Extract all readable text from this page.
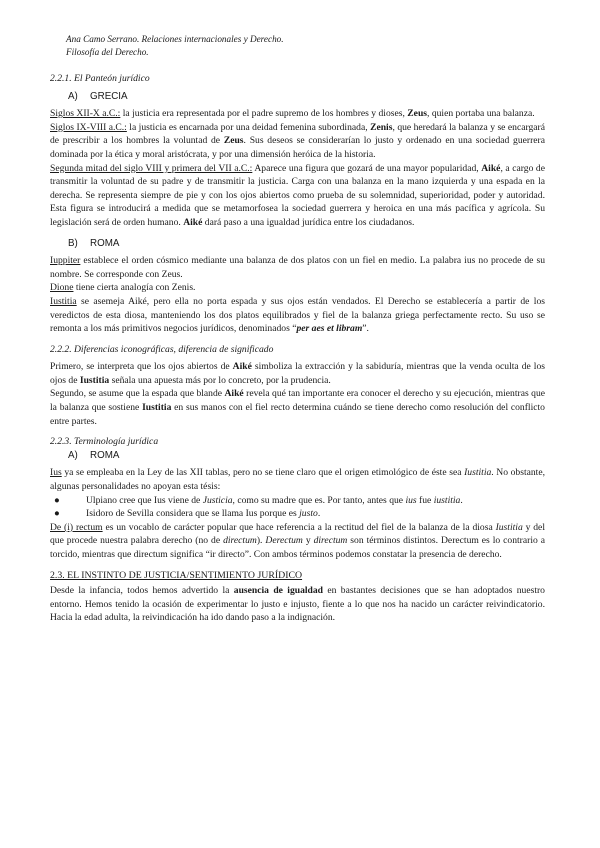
Ana Camo Serrano. Relaciones internacionales y Derecho.
Filosofía del Derecho.
2.2.1. El Panteón jurídico
A) GRECIA

Siglos XII-X a.C.: la justicia era representada por el padre supremo de los hombres y dioses, Zeus, quien portaba una balanza.

Siglos IX-VIII a.C.: la justicia es encarnada por una deidad femenina subordinada, Zenis, que heredará la balanza y se encargará de prescribir a los hombres la voluntad de Zeus. Sus deseos se considerarían lo justo y ordenado en una sociedad guerrera dominada por la ética y moral aristócrata, y por una dimensión heróica de la historia.

Segunda mitad del siglo VIII y primera del VII a.C.: Aparece una figura que gozará de una mayor popularidad, Aiké, a cargo de transmitir la voluntad de su padre y de transmitir la justicia. Carga con una balanza en la mano izquierda y una espada en la derecha. Se representa siempre de pie y con los ojos abiertos como prueba de su solemnidad, superioridad, poder y autoridad. Esta figura se introducirá a medida que se metamorfosea la sociedad guerrera y heroica en una más pacífica y agrícola. Su legislación será de orden humano. Aiké dará paso a una igualdad jurídica entre los ciudadanos.

B) ROMA

Iuppiter establece el orden cósmico mediante una balanza de dos platos con un fiel en medio. La palabra ius no procede de su nombre. Se corresponde con Zeus.

Dione tiene cierta analogía con Zenis.

Iustitia se asemeja Aiké, pero ella no porta espada y sus ojos están vendados. El Derecho se establecería a partir de los veredictos de esta diosa, manteniendo los dos platos equilibrados y fiel de la balanza griega perfectamente recto. Su uso se remonta a los más primitivos negocios jurídicos, denominados “per aes et libram”.

2.2.2. Diferencias iconográficas, diferencia de significado

Primero, se interpreta que los ojos abiertos de Aiké simboliza la extracción y la sabiduría, mientras que la venda oculta de los ojos de Iustitia señala una apuesta más por lo concreto, por la prudencia.

Segundo, se asume que la espada que blande Aiké revela qué tan importante era conocer el derecho y su ejecución, mientras que la balanza que sostiene Iustitia en sus manos con el fiel recto determina cuándo se tiene derecho como resolución del conflicto entre partes.

2.2.3. Terminología jurídica
A) ROMA

Ius ya se empleaba en la Ley de las XII tablas, pero no se tiene claro que el origen etimológico de éste sea Iustitia. No obstante, algunas personalidades no apoyan esta tésis:

●	Ulpiano cree que Ius viene de Justicia, como su madre que es. Por tanto, antes que ius fue iustitia.
●	Isidoro de Sevilla considera que se llama Ius porque es justo.

De (i) rectum es un vocablo de carácter popular que hace referencia a la rectitud del fiel de la balanza de la diosa Iustitia y del que procede nuestra palabra derecho (no de directum). Derectum y directum son términos distintos. Derectum es lo contrario a torcido, mientras que directum significa “ir directo”. Con ambos términos podemos constatar la presencia de derecho.

2.3. EL INSTINTO DE JUSTICIA/SENTIMIENTO JURÍDICO

Desde la infancia, todos hemos advertido la ausencia de igualdad en bastantes decisiones que se han adoptados nuestro entorno. Hemos tenido la ocasión de experimentar lo justo e injusto, fiente a lo que nos ha nacido un carácter reivindicatorio. Hacia la edad adulta, la reivindicación ha ido dando paso a la indignación.
